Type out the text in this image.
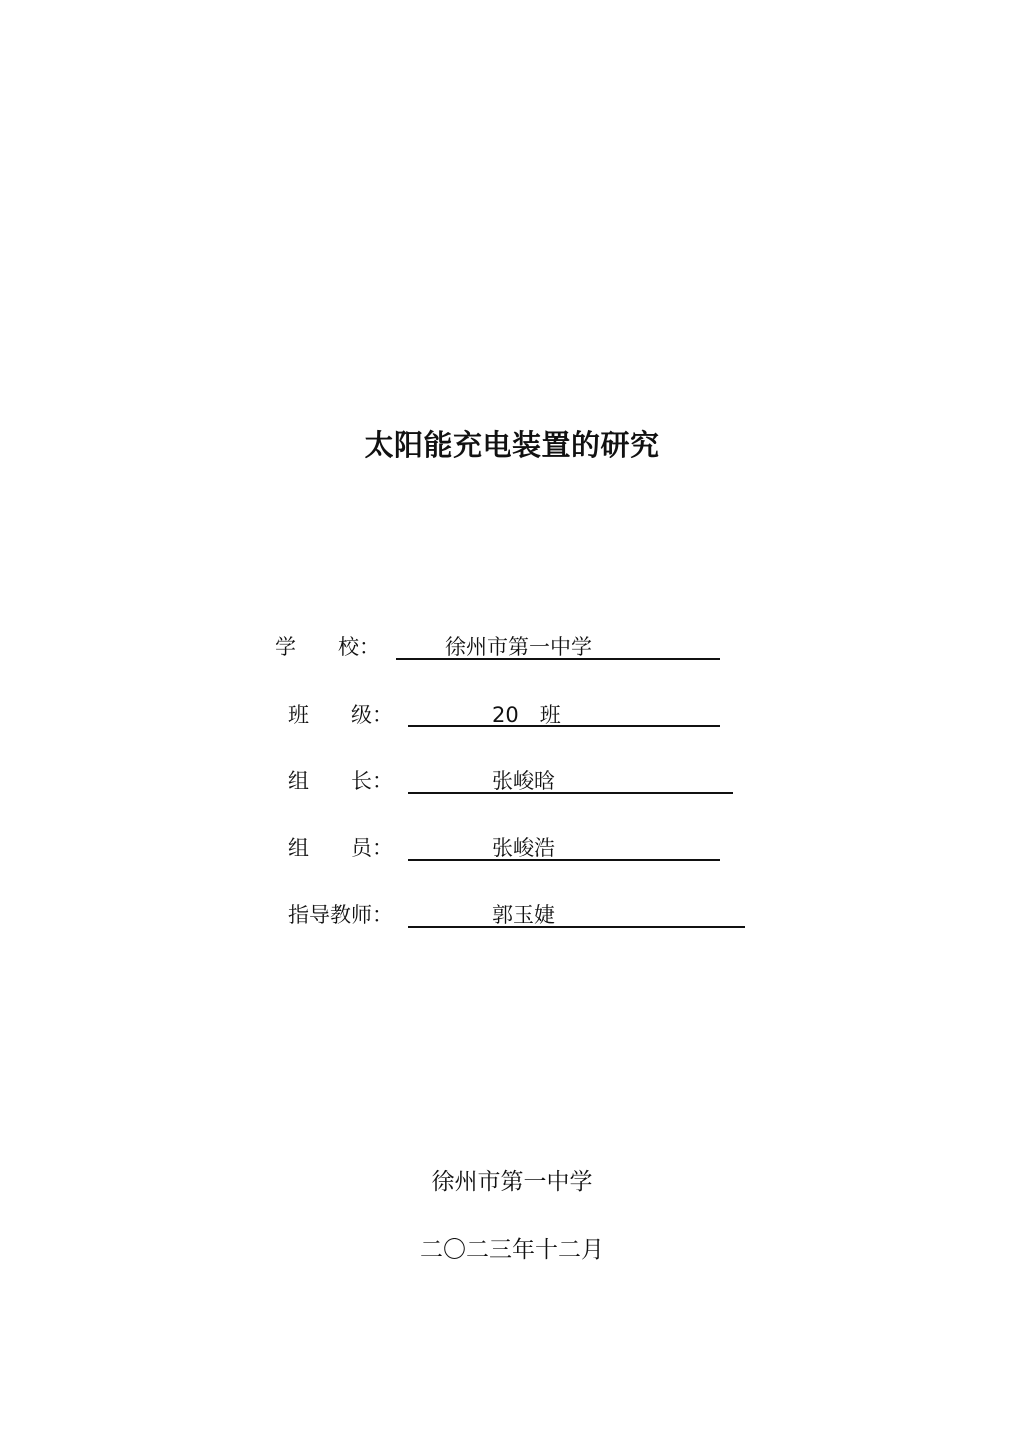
太阳能充电装置的研究
学　　校：	徐州市第一中学
班　　级：	20　班
组　　长：	张峻晗
组　　员：	张峻浩
指导教师：	郭玉婕
徐州市第一中学
二〇二三年十二月
